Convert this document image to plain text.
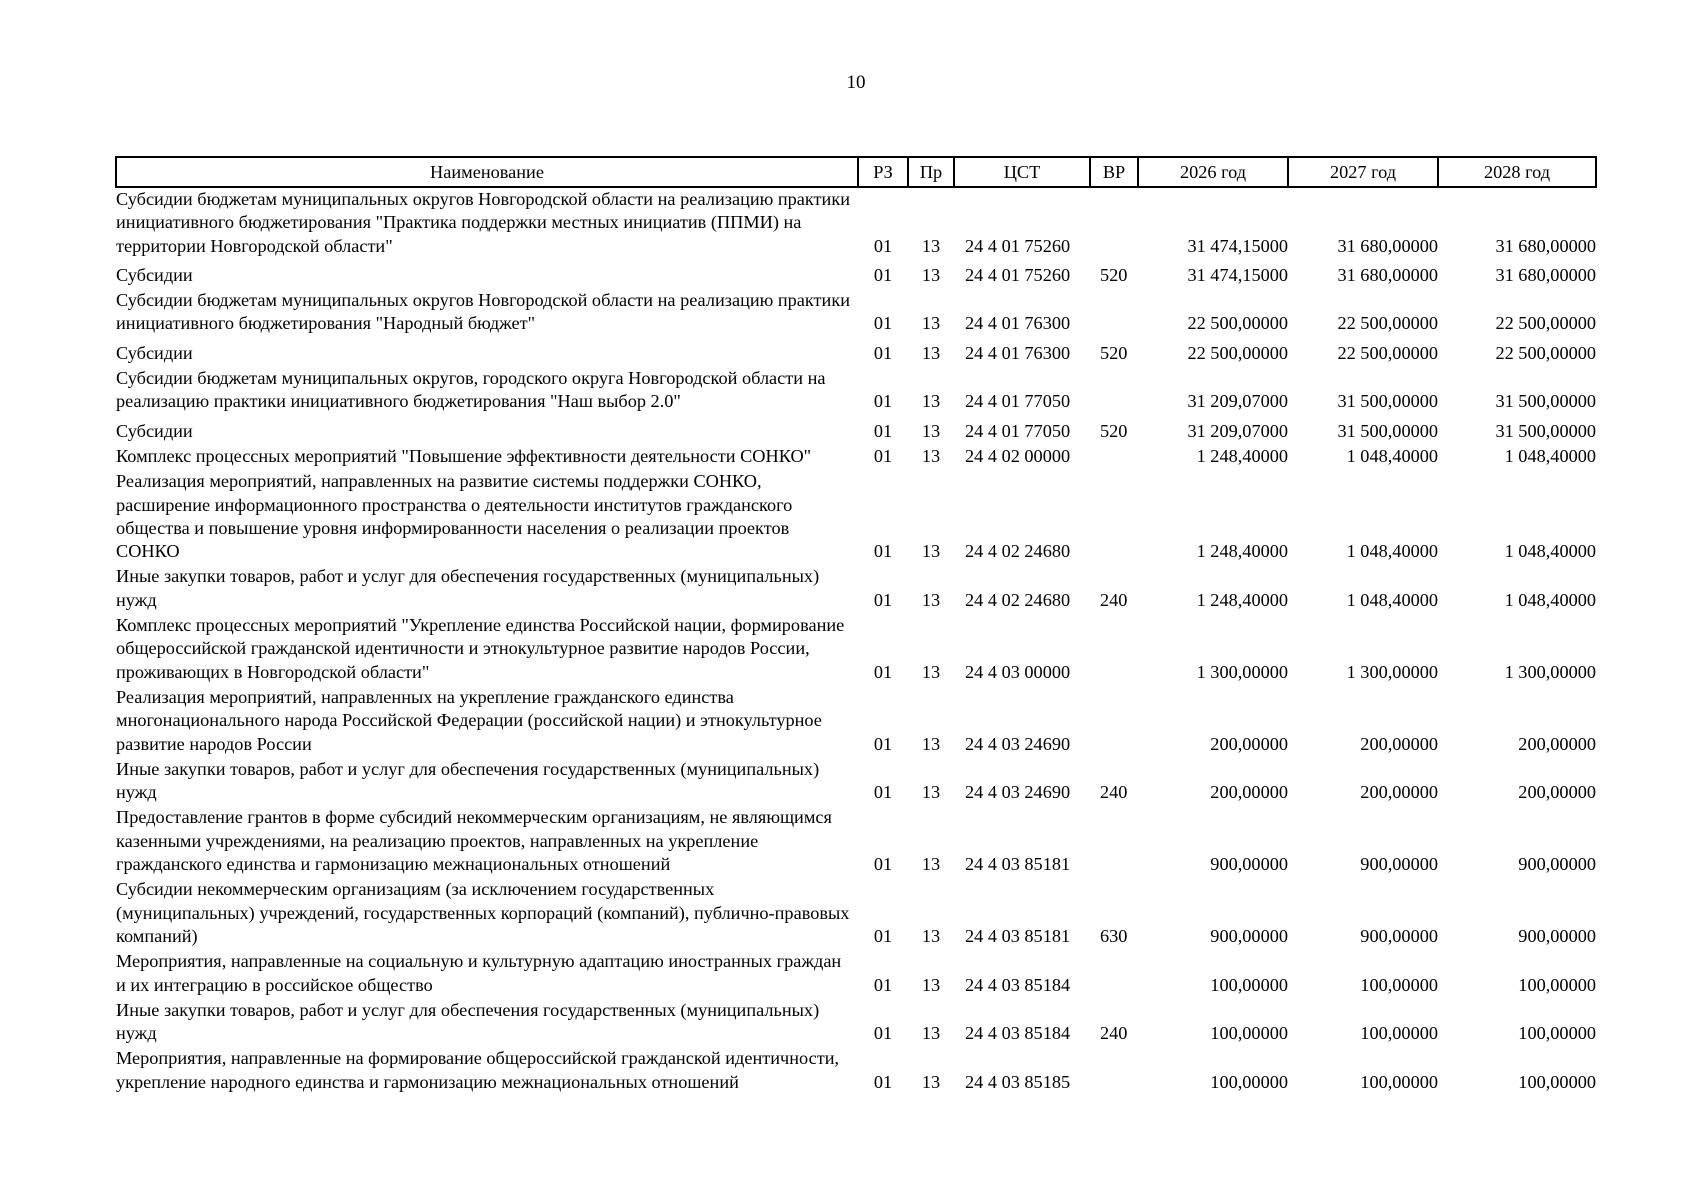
10
Наименование	РЗ	Пр	ЦСТ	ВР	2026 год	2027 год	2028 год
Субсидии бюджетам муниципальных округов Новгородской области на реализацию практики инициативного бюджетирования "Практика поддержки местных инициатив (ППМИ) на территории Новгородской области"	01	13	24 4 01 75260		31 474,15000	31 680,00000	31 680,00000
Субсидии	01	13	24 4 01 75260	520	31 474,15000	31 680,00000	31 680,00000
Субсидии бюджетам муниципальных округов Новгородской области на реализацию практики инициативного бюджетирования "Народный бюджет"	01	13	24 4 01 76300		22 500,00000	22 500,00000	22 500,00000
Субсидии	01	13	24 4 01 76300	520	22 500,00000	22 500,00000	22 500,00000
Субсидии бюджетам муниципальных округов, городского округа Новгородской области на реализацию практики инициативного бюджетирования "Наш выбор 2.0"	01	13	24 4 01 77050		31 209,07000	31 500,00000	31 500,00000
Субсидии	01	13	24 4 01 77050	520	31 209,07000	31 500,00000	31 500,00000
Комплекс процессных мероприятий "Повышение эффективности деятельности СОНКО"	01	13	24 4 02 00000		1 248,40000	1 048,40000	1 048,40000
Реализация мероприятий, направленных на развитие системы поддержки СОНКО, расширение информационного пространства о деятельности институтов гражданского общества и повышение уровня информированности населения о реализации проектов СОНКО	01	13	24 4 02 24680		1 248,40000	1 048,40000	1 048,40000
Иные закупки товаров, работ и услуг для обеспечения государственных (муниципальных) нужд	01	13	24 4 02 24680	240	1 248,40000	1 048,40000	1 048,40000
Комплекс процессных мероприятий "Укрепление единства Российской нации, формирование общероссийской гражданской идентичности и этнокультурное развитие народов России, проживающих в Новгородской области"	01	13	24 4 03 00000		1 300,00000	1 300,00000	1 300,00000
Реализация мероприятий, направленных на укрепление гражданского единства многонационального народа Российской Федерации (российской нации) и этнокультурное развитие народов России	01	13	24 4 03 24690		200,00000	200,00000	200,00000
Иные закупки товаров, работ и услуг для обеспечения государственных (муниципальных) нужд	01	13	24 4 03 24690	240	200,00000	200,00000	200,00000
Предоставление грантов в форме субсидий некоммерческим организациям, не являющимся казенными учреждениями, на реализацию проектов, направленных на укрепление гражданского единства и гармонизацию межнациональных отношений	01	13	24 4 03 85181		900,00000	900,00000	900,00000
Субсидии некоммерческим организациям (за исключением государственных (муниципальных) учреждений, государственных корпораций (компаний), публично-правовых компаний)	01	13	24 4 03 85181	630	900,00000	900,00000	900,00000
Мероприятия, направленные на социальную и культурную адаптацию иностранных граждан и их интеграцию в российское общество	01	13	24 4 03 85184		100,00000	100,00000	100,00000
Иные закупки товаров, работ и услуг для обеспечения государственных (муниципальных) нужд	01	13	24 4 03 85184	240	100,00000	100,00000	100,00000
Мероприятия, направленные на формирование общероссийской гражданской идентичности, укрепление народного единства и гармонизацию межнациональных отношений	01	13	24 4 03 85185		100,00000	100,00000	100,00000
